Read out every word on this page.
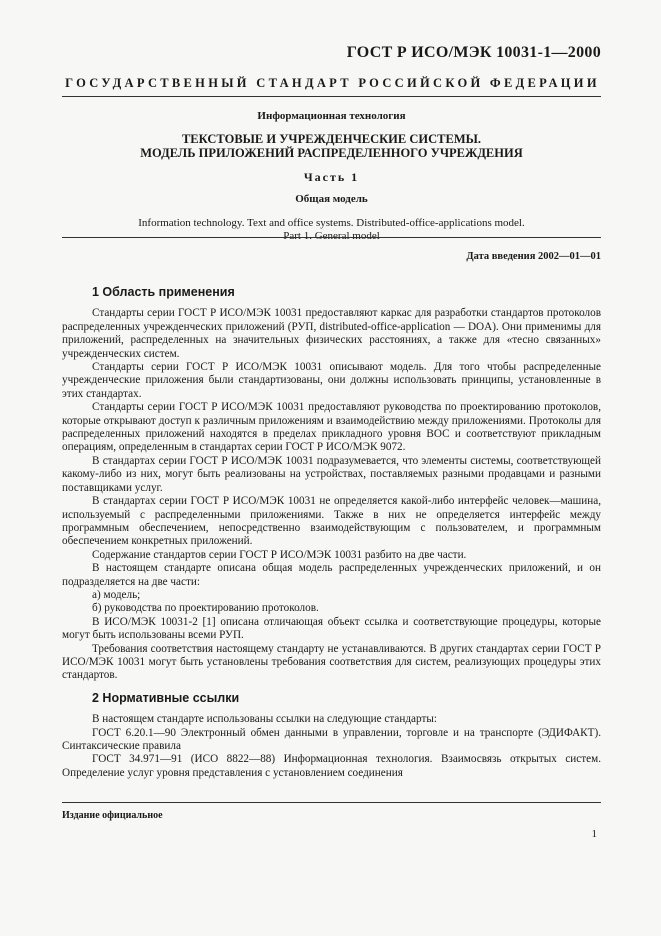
ГОСТ Р ИСО/МЭК 10031-1—2000
ГОСУДАРСТВЕННЫЙ СТАНДАРТ РОССИЙСКОЙ ФЕДЕРАЦИИ
Информационная технология
ТЕКСТОВЫЕ И УЧРЕЖДЕНЧЕСКИЕ СИСТЕМЫ.
МОДЕЛЬ ПРИЛОЖЕНИЙ РАСПРЕДЕЛЕННОГО УЧРЕЖДЕНИЯ
Часть 1
Общая модель
Information technology. Text and office systems. Distributed-office-applications model.
Part 1. General model
Дата введения 2002—01—01
1 Область применения

Стандарты серии ГОСТ Р ИСО/МЭК 10031 предоставляют каркас для разработки стандартов протоколов распределенных учрежденческих приложений (РУП, distributed-office-application — DOA). Они применимы для приложений, распределенных на значительных физических расстояниях, а также для «тесно связанных» учрежденческих систем.

Стандарты серии ГОСТ Р ИСО/МЭК 10031 описывают модель. Для того чтобы распределенные учрежденческие приложения были стандартизованы, они должны использовать принципы, установленные в этих стандартах.

Стандарты серии ГОСТ Р ИСО/МЭК 10031 предоставляют руководства по проектированию протоколов, которые открывают доступ к различным приложениям и взаимодействию между приложениями. Протоколы для распределенных приложений находятся в пределах прикладного уровня ВОС и соответствуют прикладным операциям, определенным в стандартах серии ГОСТ Р ИСО/МЭК 9072.

В стандартах серии ГОСТ Р ИСО/МЭК 10031 подразумевается, что элементы системы, соответствующей какому-либо из них, могут быть реализованы на устройствах, поставляемых разными продавцами и разными поставщиками услуг.

В стандартах серии ГОСТ Р ИСО/МЭК 10031 не определяется какой-либо интерфейс человек—машина, используемый с распределенными приложениями. Также в них не определяется интерфейс между программным обеспечением, непосредственно взаимодействующим с пользователем, и программным обеспечением конкретных приложений.

Содержание стандартов серии ГОСТ Р ИСО/МЭК 10031 разбито на две части.

В настоящем стандарте описана общая модель распределенных учрежденческих приложений, и он подразделяется на две части:

а) модель;

б) руководства по проектированию протоколов.

В ИСО/МЭК 10031-2 [1] описана отличающая объект ссылка и соответствующие процедуры, которые могут быть использованы всеми РУП.

Требования соответствия настоящему стандарту не устанавливаются. В других стандартах серии ГОСТ Р ИСО/МЭК 10031 могут быть установлены требования соответствия для систем, реализующих процедуры этих стандартов.

2 Нормативные ссылки

В настоящем стандарте использованы ссылки на следующие стандарты:

ГОСТ 6.20.1—90 Электронный обмен данными в управлении, торговле и на транспорте (ЭДИФАКТ). Синтаксические правила

ГОСТ 34.971—91 (ИСО 8822—88) Информационная технология. Взаимосвязь открытых систем. Определение услуг уровня представления с установлением соединения

Издание официальное
1
